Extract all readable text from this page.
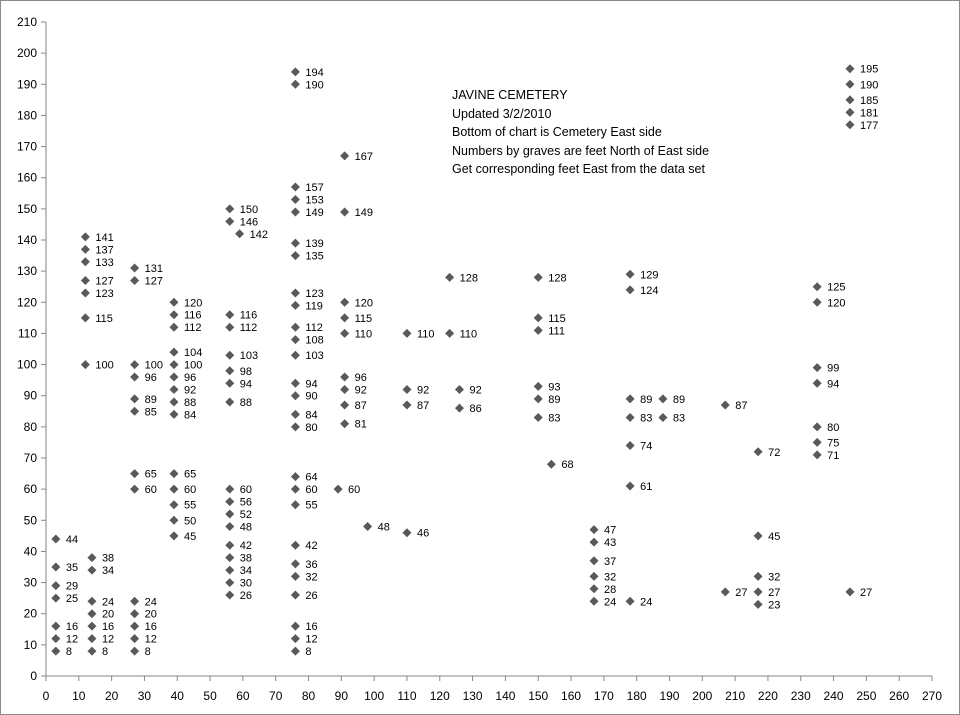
0
10
20
30
40
50
60
70
80
90
100
110
120
130
140
150
160
170
180
190
200
210
0 10 20 30 40 50 60 70 80 90 100 110 120 130 140 150 160 170 180 190 200 210 220 230 240 250 260 270
44
35
29
25
16
12
8
141
137
133
127
123
115
100
38
34
24
20
16
12
8
131
127
100
96
89
85
65
60
24
20
16
12
8
120
116
112
104
100
96
92
88
84
65
60
55
50
45
150
146
142
116
112
103
98
94
88
60
56
52
48
42
38
34
30
26
194
190
157
153
149
139
135
123
119
112
108
103
94
90
84
80
64
60
55
42
36
32
26
16
12
8
167
149
120
115
110
96
92
87
81
60
48
110
92
87
46
128
110
92
86
128
115
111
93
89
83
68
47
43
37
32
28
24 24
129
124
89
83
74
61
89
83
87
27
72
45
32
27
23
125
120
99
94
80
75
71
195
190
185
181
177
27
JAVINE CEMETERY
Updated 3/2/2010
Bottom of chart is Cemetery East side
Numbers by graves are feet North of East side
Get corresponding feet East from the data set
